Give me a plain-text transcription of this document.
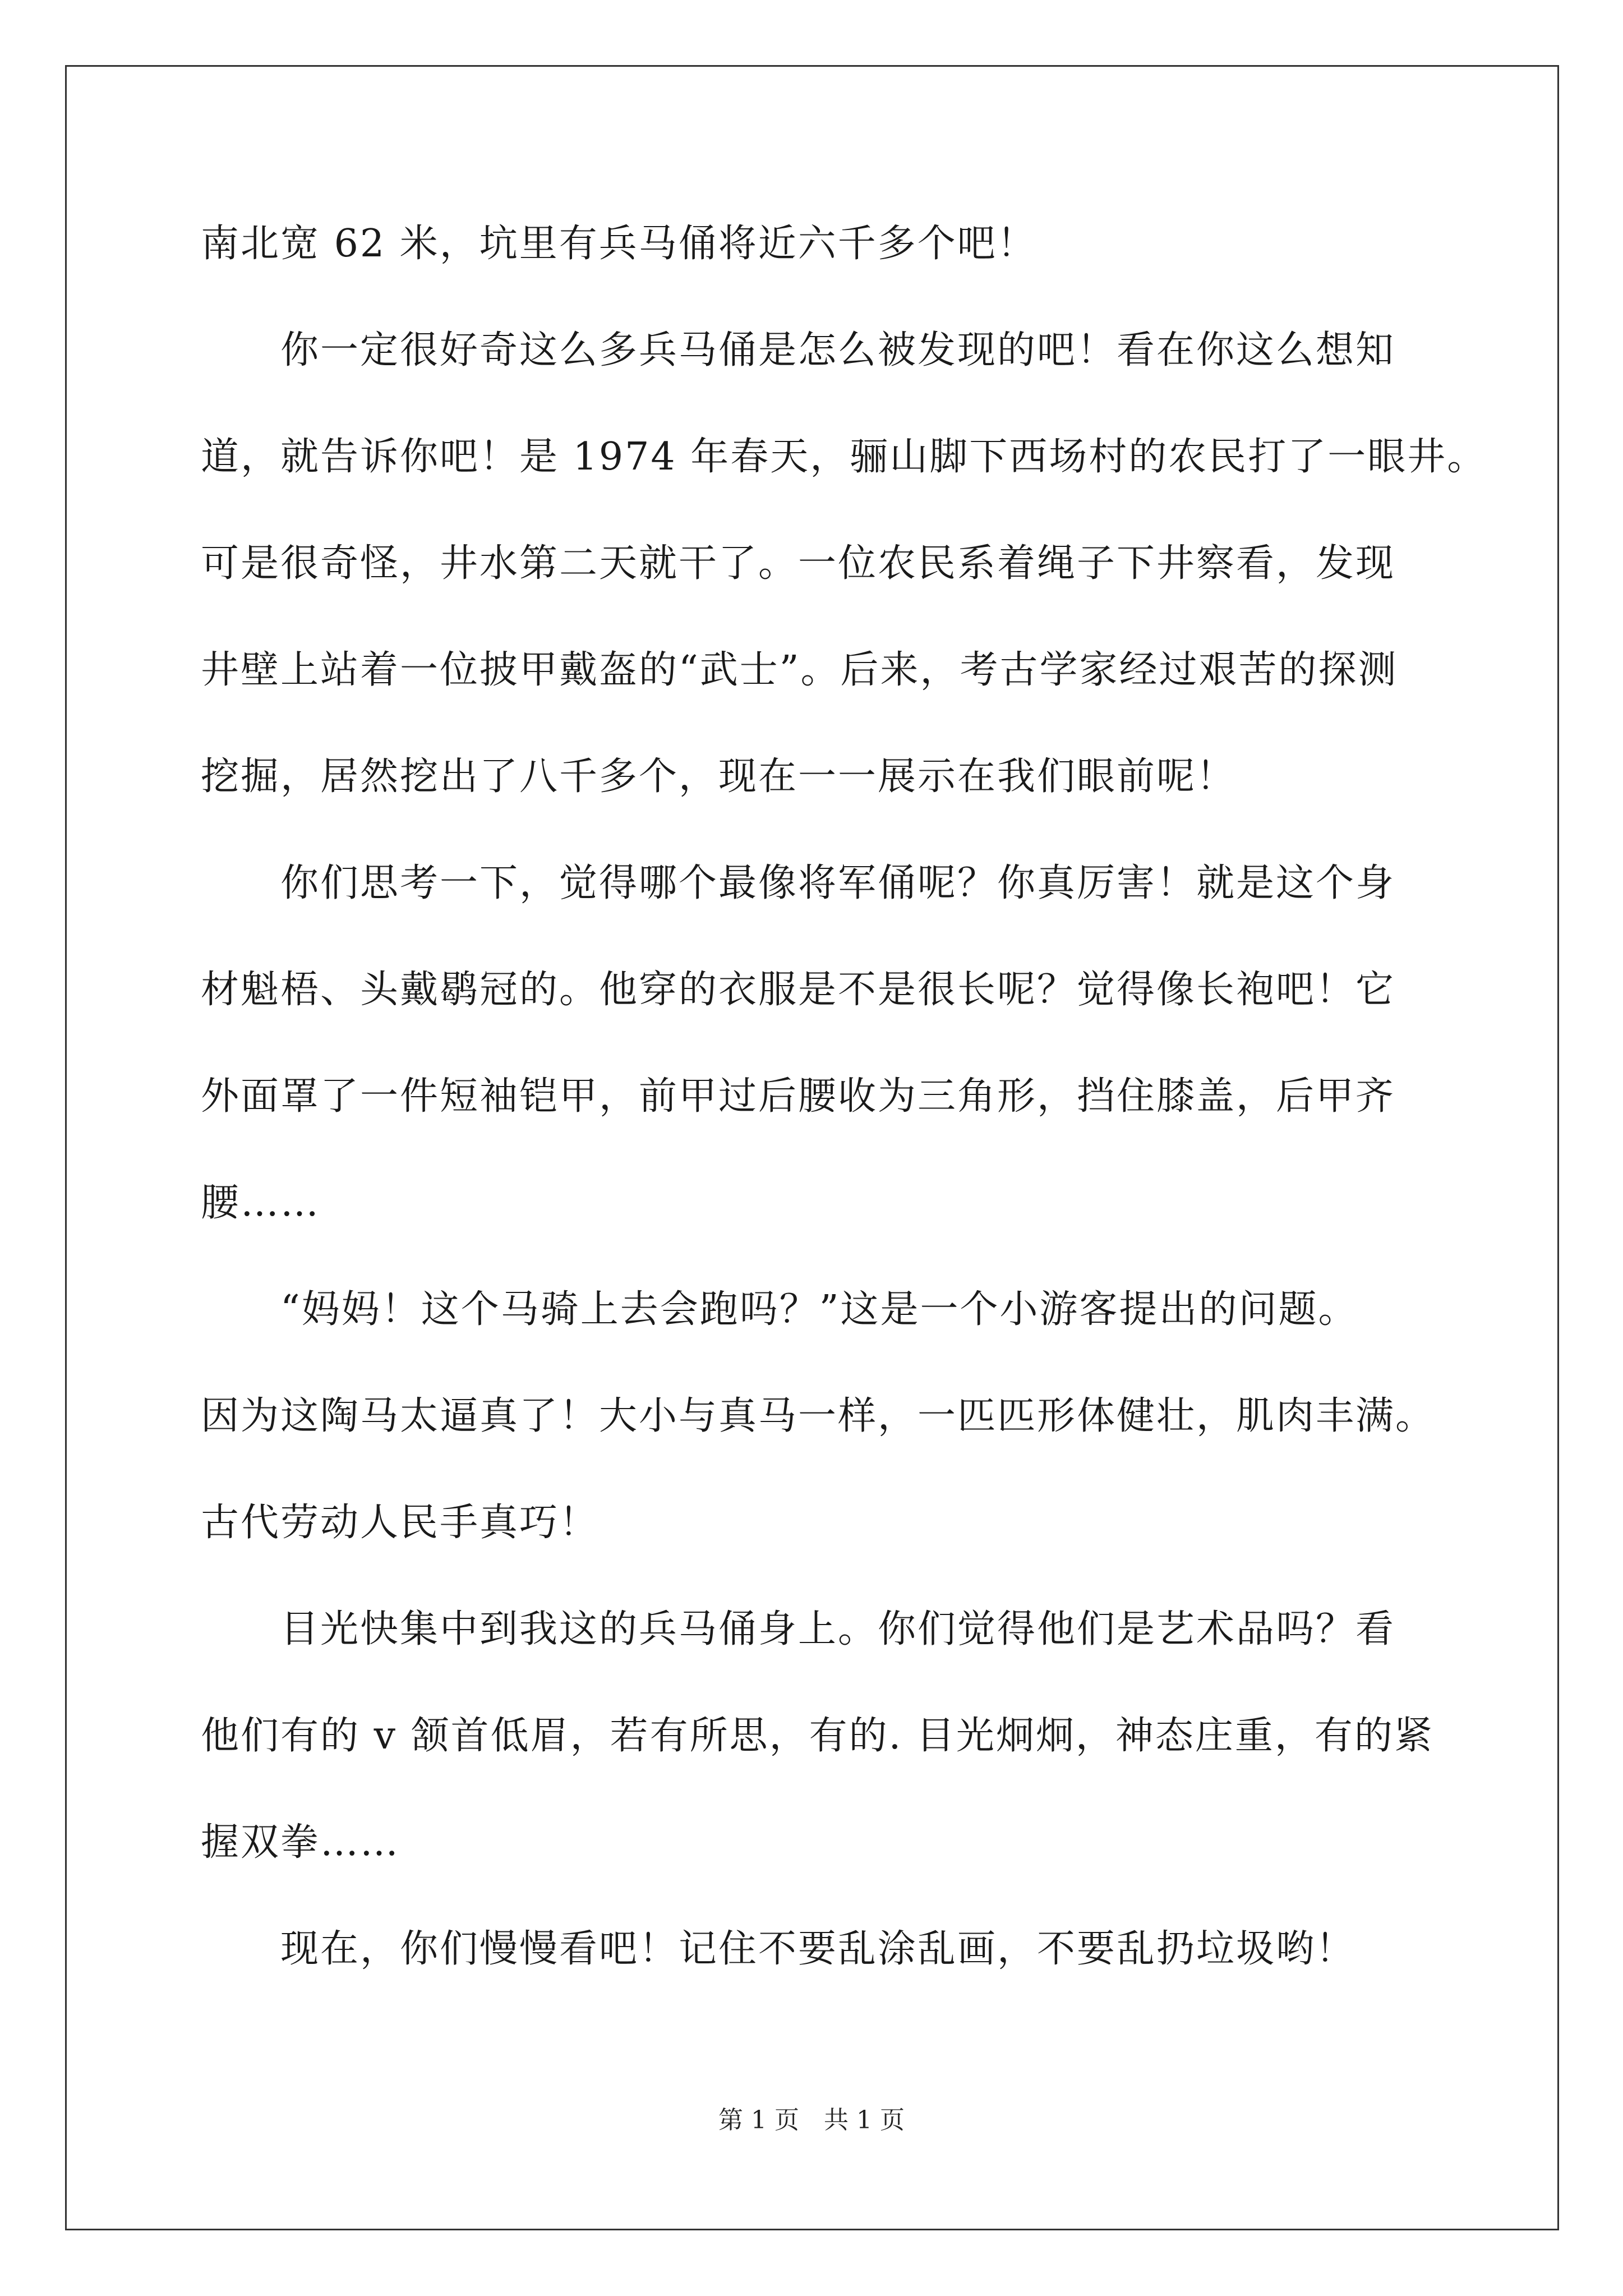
南北宽 62 米，坑里有兵马俑将近六千多个吧！
　　你一定很好奇这么多兵马俑是怎么被发现的吧！看在你这么想知
道，就告诉你吧！是 1974 年春天，骊山脚下西场村的农民打了一眼井。
可是很奇怪，井水第二天就干了。一位农民系着绳子下井察看，发现
井壁上站着一位披甲戴盔的“武士”。后来，考古学家经过艰苦的探测
挖掘，居然挖出了八千多个，现在一一展示在我们眼前呢！
　　你们思考一下，觉得哪个最像将军俑呢？你真厉害！就是这个身
材魁梧、头戴鹖冠的。他穿的衣服是不是很长呢？觉得像长袍吧！它
外面罩了一件短袖铠甲，前甲过后腰收为三角形，挡住膝盖，后甲齐
腰……
　　“妈妈！这个马骑上去会跑吗？”这是一个小游客提出的问题。
因为这陶马太逼真了！大小与真马一样，一匹匹形体健壮，肌肉丰满。
古代劳动人民手真巧！
　　目光快集中到我这的兵马俑身上。你们觉得他们是艺术品吗？看
他们有的 v 颔首低眉，若有所思，有的. 目光炯炯，神态庄重，有的紧
握双拳……
　　现在，你们慢慢看吧！记住不要乱涂乱画，不要乱扔垃圾哟！
第 1 页　共 1 页
